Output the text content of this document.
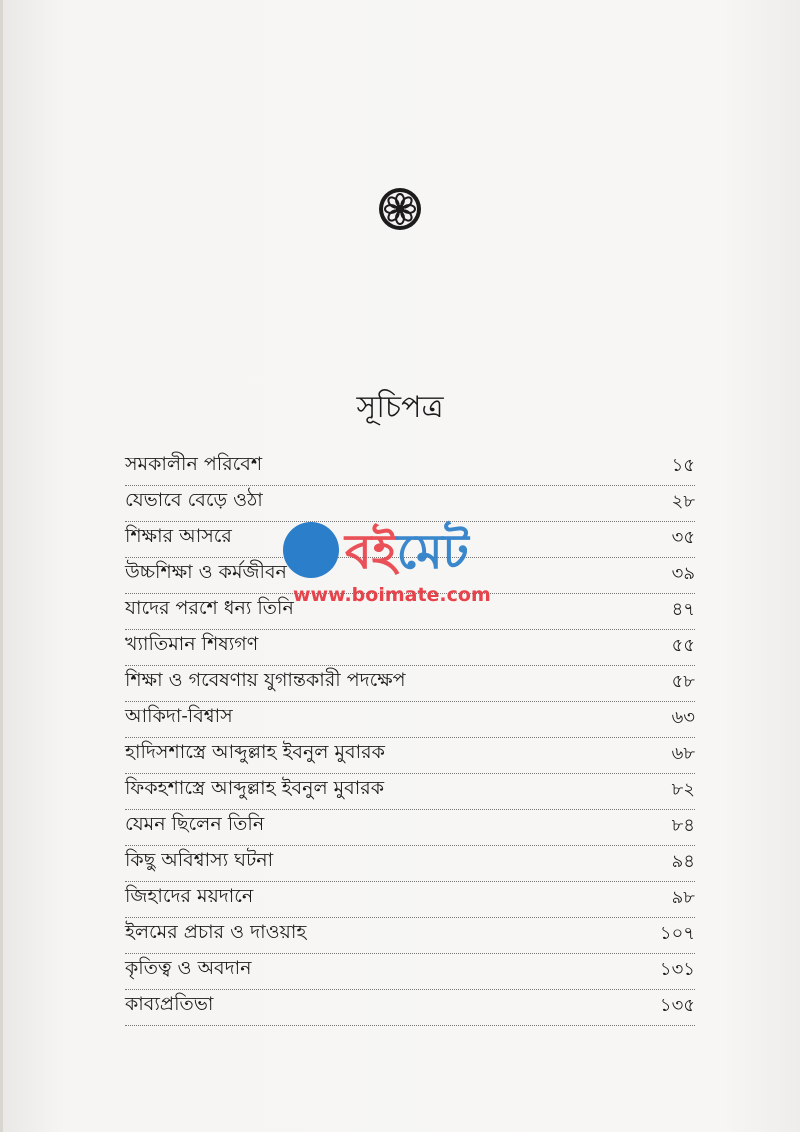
সূচিপত্র
সমকালীন পরিবেশ	১৫
যেভাবে বেড়ে ওঠা	২৮
শিক্ষার আসরে	৩৫
উচ্চশিক্ষা ও কর্মজীবন	৩৯
যাদের পরশে ধন্য তিনি	৪৭
খ্যাতিমান শিষ্যগণ	৫৫
শিক্ষা ও গবেষণায় যুগান্তকারী পদক্ষেপ	৫৮
আকিদা-বিশ্বাস	৬৩
হাদিসশাস্ত্রে আব্দুল্লাহ ইবনুল মুবারক	৬৮
ফিকহশাস্ত্রে আব্দুল্লাহ ইবনুল মুবারক	৮২
যেমন ছিলেন তিনি	৮৪
কিছু অবিশ্বাস্য ঘটনা	৯৪
জিহাদের ময়দানে	৯৮
ইলমের প্রচার ও দাওয়াহ	১০৭
কৃতিত্ব ও অবদান	১৩১
কাব্যপ্রতিভা	১৩৫
বইমেট
www.boimate.com
